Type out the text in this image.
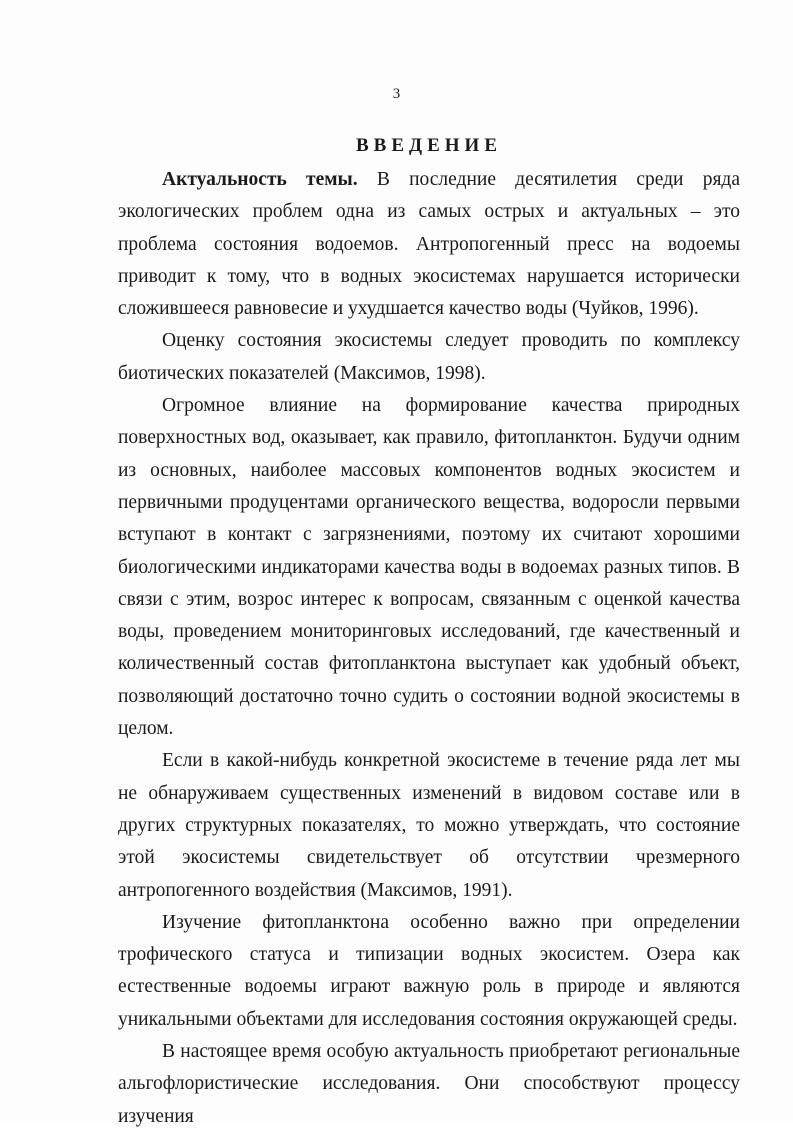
3
ВВЕДЕНИЕ

Актуальность темы. В последние десятилетия среди ряда экологических проблем одна из самых острых и актуальных – это проблема состояния водоемов. Антропогенный пресс на водоемы приводит к тому, что в водных экосистемах нарушается исторически сложившееся равновесие и ухудшается качество воды (Чуйков, 1996).

Оценку состояния экосистемы следует проводить по комплексу биотических показателей (Максимов, 1998).

Огромное влияние на формирование качества природных поверхностных вод, оказывает, как правило, фитопланктон. Будучи одним из основных, наиболее массовых компонентов водных экосистем и первичными продуцентами органического вещества, водоросли первыми вступают в контакт с загрязнениями, поэтому их считают хорошими биологическими индикаторами качества воды в водоемах разных типов. В связи с этим, возрос интерес к вопросам, связанным с оценкой качества воды, проведением мониторинговых исследований, где качественный и количественный состав фитопланктона выступает как удобный объект, позволяющий достаточно точно судить о состоянии водной экосистемы в целом.

Если в какой-нибудь конкретной экосистеме в течение ряда лет мы не обнаруживаем существенных изменений в видовом составе или в других структурных показателях, то можно утверждать, что состояние этой экосистемы свидетельствует об отсутствии чрезмерного антропогенного воздействия (Максимов, 1991).

Изучение фитопланктона особенно важно при определении трофического статуса и типизации водных экосистем. Озера как естественные водоемы играют важную роль в природе и являются уникальными объектами для исследования состояния окружающей среды.

В настоящее время особую актуальность приобретают региональные альгофлористические исследования. Они способствуют процессу изучения
